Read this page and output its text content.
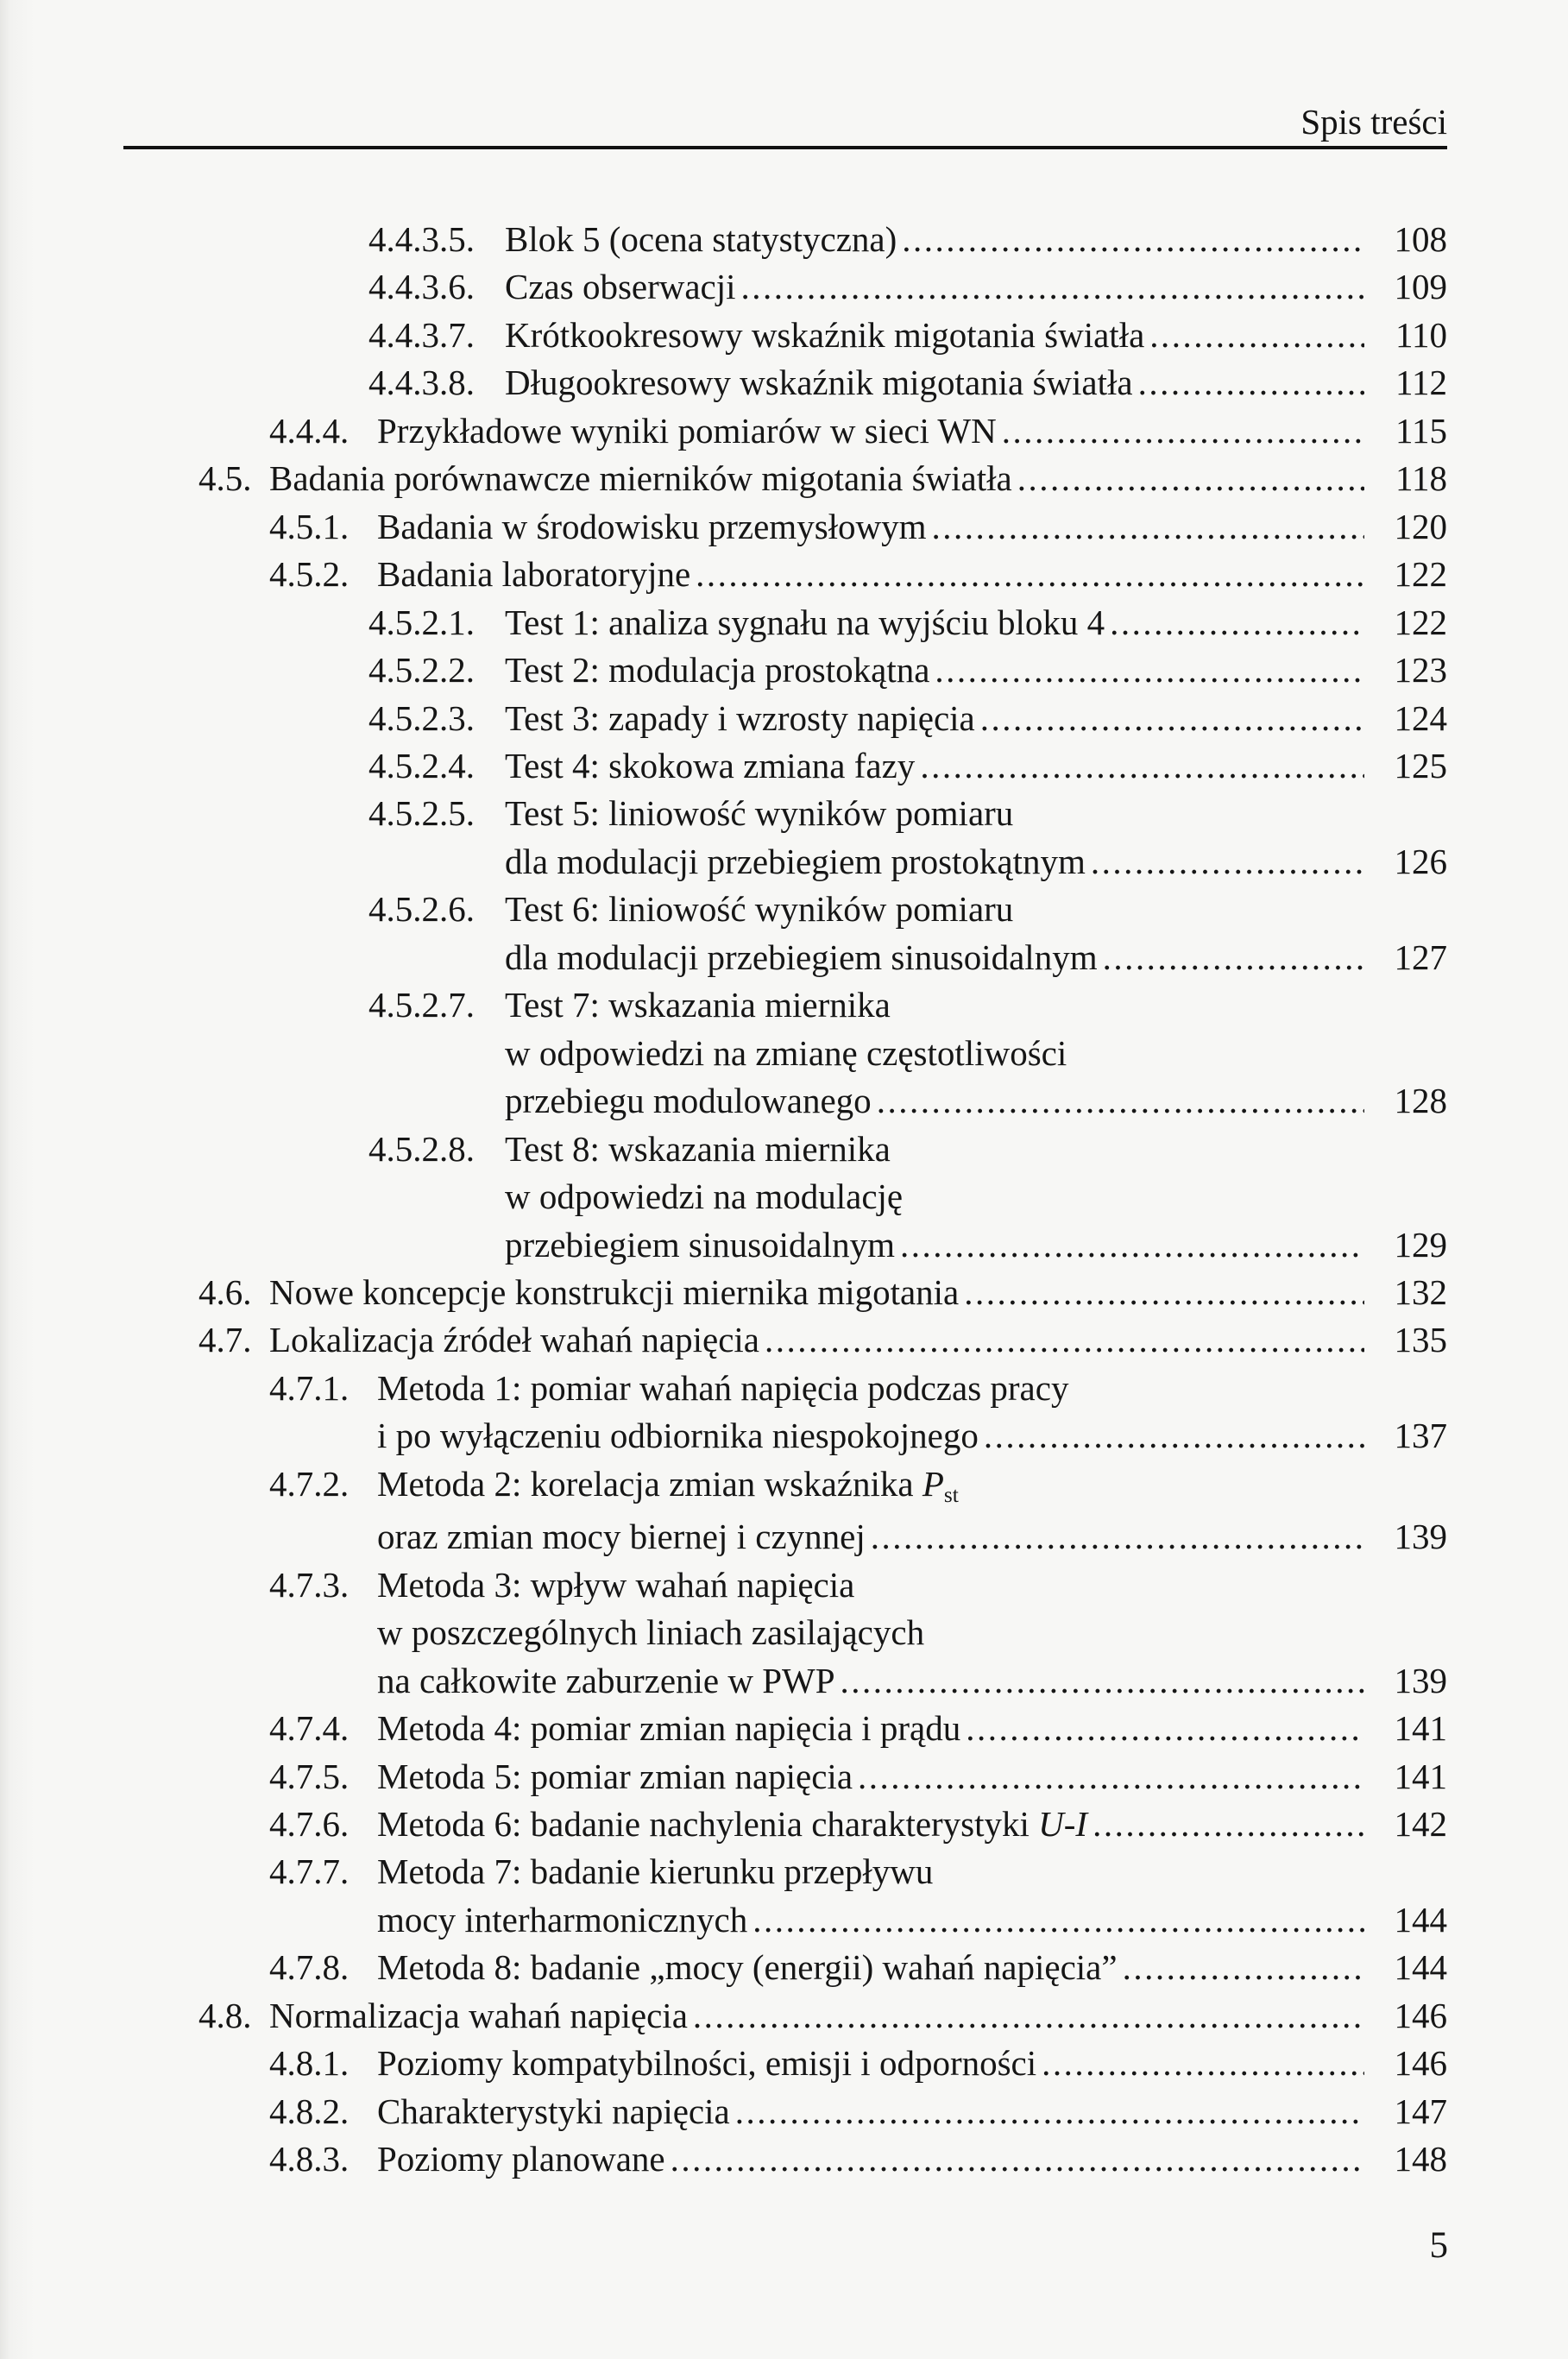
Spis treści
4.4.3.5. Blok 5 (ocena statystyczna) .....	108
4.4.3.6. Czas obserwacji .....	109
4.4.3.7. Krótkookresowy wskaźnik migotania światła .....	110
4.4.3.8. Długookresowy wskaźnik migotania światła .....	112
4.4.4. Przykładowe wyniki pomiarów w sieci WN .....	115
4.5. Badania porównawcze mierników migotania światła .....	118
4.5.1. Badania w środowisku przemysłowym .....	120
4.5.2. Badania laboratoryjne .....	122
4.5.2.1. Test 1: analiza sygnału na wyjściu bloku 4 .....	122
4.5.2.2. Test 2: modulacja prostokątna .....	123
4.5.2.3. Test 3: zapady i wzrosty napięcia .....	124
4.5.2.4. Test 4: skokowa zmiana fazy .....	125
4.5.2.5. Test 5: liniowość wyników pomiaru
dla modulacji przebiegiem prostokątnym .....	126
4.5.2.6. Test 6: liniowość wyników pomiaru
dla modulacji przebiegiem sinusoidalnym .....	127
4.5.2.7. Test 7: wskazania miernika
w odpowiedzi na zmianę częstotliwości
przebiegu modulowanego .....	128
4.5.2.8. Test 8: wskazania miernika
w odpowiedzi na modulację
przebiegiem sinusoidalnym .....	129
4.6. Nowe koncepcje konstrukcji miernika migotania .....	132
4.7. Lokalizacja źródeł wahań napięcia .....	135
4.7.1. Metoda 1: pomiar wahań napięcia podczas pracy
i po wyłączeniu odbiornika niespokojnego .....	137
4.7.2. Metoda 2: korelacja zmian wskaźnika Pst
oraz zmian mocy biernej i czynnej .....	139
4.7.3. Metoda 3: wpływ wahań napięcia
w poszczególnych liniach zasilających
na całkowite zaburzenie w PWP .....	139
4.7.4. Metoda 4: pomiar zmian napięcia i prądu .....	141
4.7.5. Metoda 5: pomiar zmian napięcia .....	141
4.7.6. Metoda 6: badanie nachylenia charakterystyki U-I .....	142
4.7.7. Metoda 7: badanie kierunku przepływu
mocy interharmonicznych .....	144
4.7.8. Metoda 8: badanie „mocy (energii) wahań napięcia” .....	144
4.8. Normalizacja wahań napięcia .....	146
4.8.1. Poziomy kompatybilności, emisji i odporności .....	146
4.8.2. Charakterystyki napięcia .....	147
4.8.3. Poziomy planowane .....	148
5
